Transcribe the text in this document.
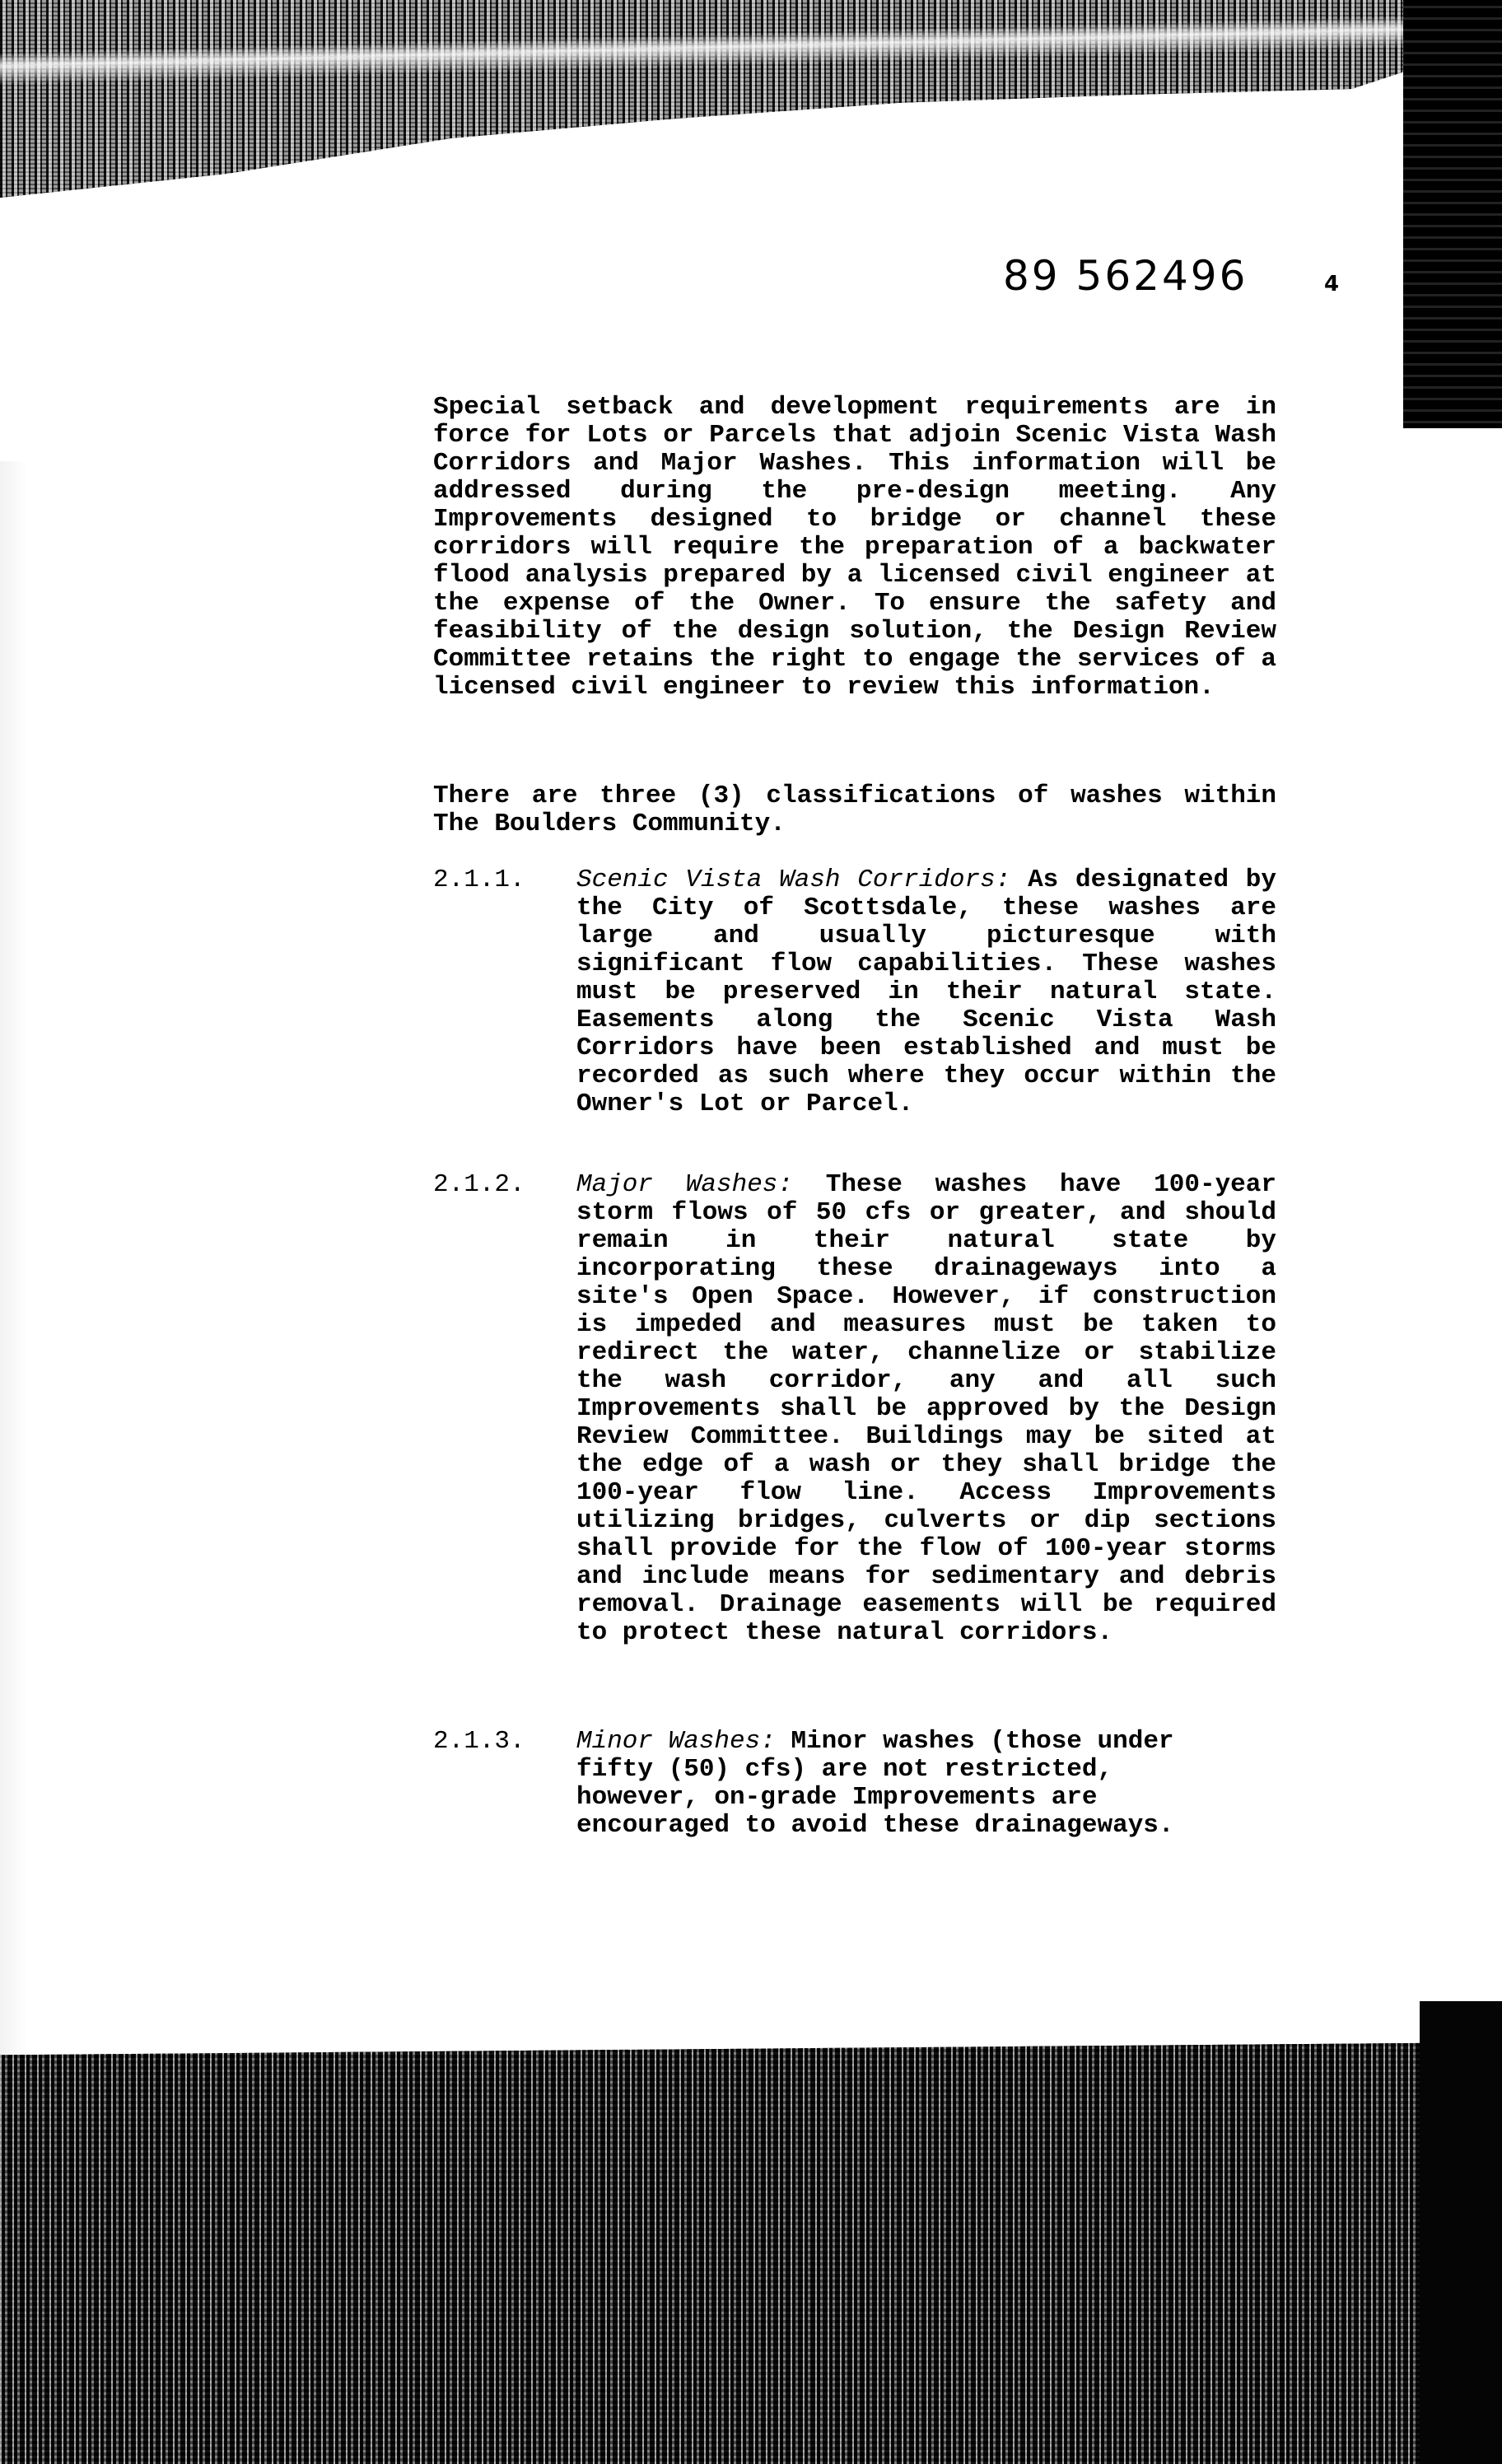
89 562496	4

Special setback and development requirements are in force for Lots or Parcels that adjoin Scenic Vista Wash Corridors and Major Washes. This information will be addressed during the pre-design meeting. Any Improvements designed to bridge or channel these corridors will require the preparation of a backwater flood analysis prepared by a licensed civil engineer at the expense of the Owner. To ensure the safety and feasibility of the design solution, the Design Review Committee retains the right to engage the services of a licensed civil engineer to review this information.

There are three (3) classifications of washes within The Boulders Community.

2.1.1.	Scenic Vista Wash Corridors: As designated by the City of Scottsdale, these washes are large and usually picturesque with significant flow capabilities. These washes must be preserved in their natural state. Easements along the Scenic Vista Wash Corridors have been established and must be recorded as such where they occur within the Owner's Lot or Parcel.
2.1.2.	Major Washes: These washes have 100-year storm flows of 50 cfs or greater, and should remain in their natural state by incorporating these drainageways into a site's Open Space. However, if construction is impeded and measures must be taken to redirect the water, channelize or stabilize the wash corridor, any and all such Improvements shall be approved by the Design Review Committee. Buildings may be sited at the edge of a wash or they shall bridge the 100-year flow line. Access Improvements utilizing bridges, culverts or dip sections shall provide for the flow of 100-year storms and include means for sedimentary and debris removal. Drainage easements will be required to protect these natural corridors.
2.1.3.	Minor Washes: Minor washes (those under fifty (50) cfs) are not restricted, however, on-grade Improvements are encouraged to avoid these drainageways.
